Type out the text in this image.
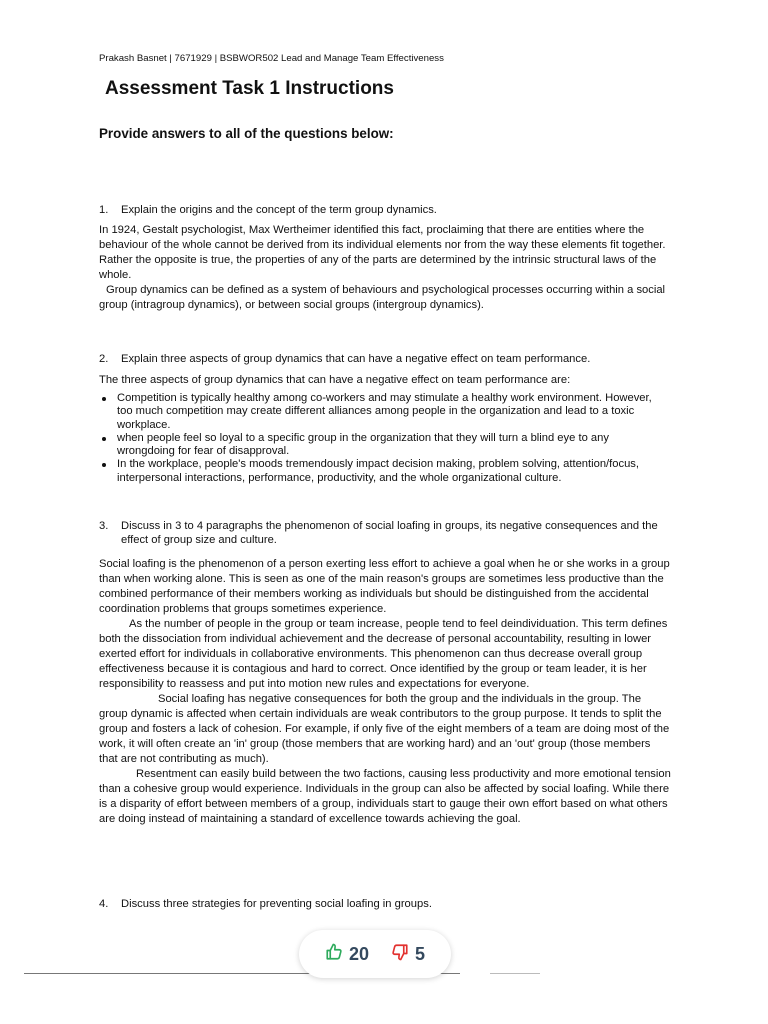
Prakash Basnet | 7671929 | BSBWOR502 Lead and Manage Team Effectiveness
Assessment Task 1 Instructions
Provide answers to all of the questions below:
1.	Explain the origins and the concept of the term group dynamics.

In 1924, Gestalt psychologist, Max Wertheimer identified this fact, proclaiming that there are entities where the behaviour of the whole cannot be derived from its individual elements nor from the way these elements fit together. Rather the opposite is true, the properties of any of the parts are determined by the intrinsic structural laws of the whole.

Group dynamics can be defined as a system of behaviours and psychological processes occurring within a social group (intragroup dynamics), or between social groups (intergroup dynamics).

2.	Explain three aspects of group dynamics that can have a negative effect on team performance.
The three aspects of group dynamics that can have a negative effect on team performance are:
Competition is typically healthy among co-workers and may stimulate a healthy work environment. However, too much competition may create different alliances among people in the organization and lead to a toxic workplace.
when people feel so loyal to a specific group in the organization that they will turn a blind eye to any wrongdoing for fear of disapproval.
In the workplace, people's moods tremendously impact decision making, problem solving, attention/focus, interpersonal interactions, performance, productivity, and the whole organizational culture.
3.	Discuss in 3 to 4 paragraphs the phenomenon of social loafing in groups, its negative consequences and the effect of group size and culture.

Social loafing is the phenomenon of a person exerting less effort to achieve a goal when he or she works in a group than when working alone. This is seen as one of the main reason's groups are sometimes less productive than the combined performance of their members working as individuals but should be distinguished from the accidental coordination problems that groups sometimes experience.

As the number of people in the group or team increase, people tend to feel deindividuation. This term defines both the dissociation from individual achievement and the decrease of personal accountability, resulting in lower exerted effort for individuals in collaborative environments. This phenomenon can thus decrease overall group effectiveness because it is contagious and hard to correct. Once identified by the group or team leader, it is her responsibility to reassess and put into motion new rules and expectations for everyone.

Social loafing has negative consequences for both the group and the individuals in the group. The group dynamic is affected when certain individuals are weak contributors to the group purpose. It tends to split the group and fosters a lack of cohesion. For example, if only five of the eight members of a team are doing most of the work, it will often create an 'in' group (those members that are working hard) and an 'out' group (those members that are not contributing as much).

Resentment can easily build between the two factions, causing less productivity and more emotional tension than a cohesive group would experience. Individuals in the group can also be affected by social loafing. While there is a disparity of effort between members of a group, individuals start to gauge their own effort based on what others are doing instead of maintaining a standard of excellence towards achieving the goal.

4.	Discuss three strategies for preventing social loafing in groups.
20	5
